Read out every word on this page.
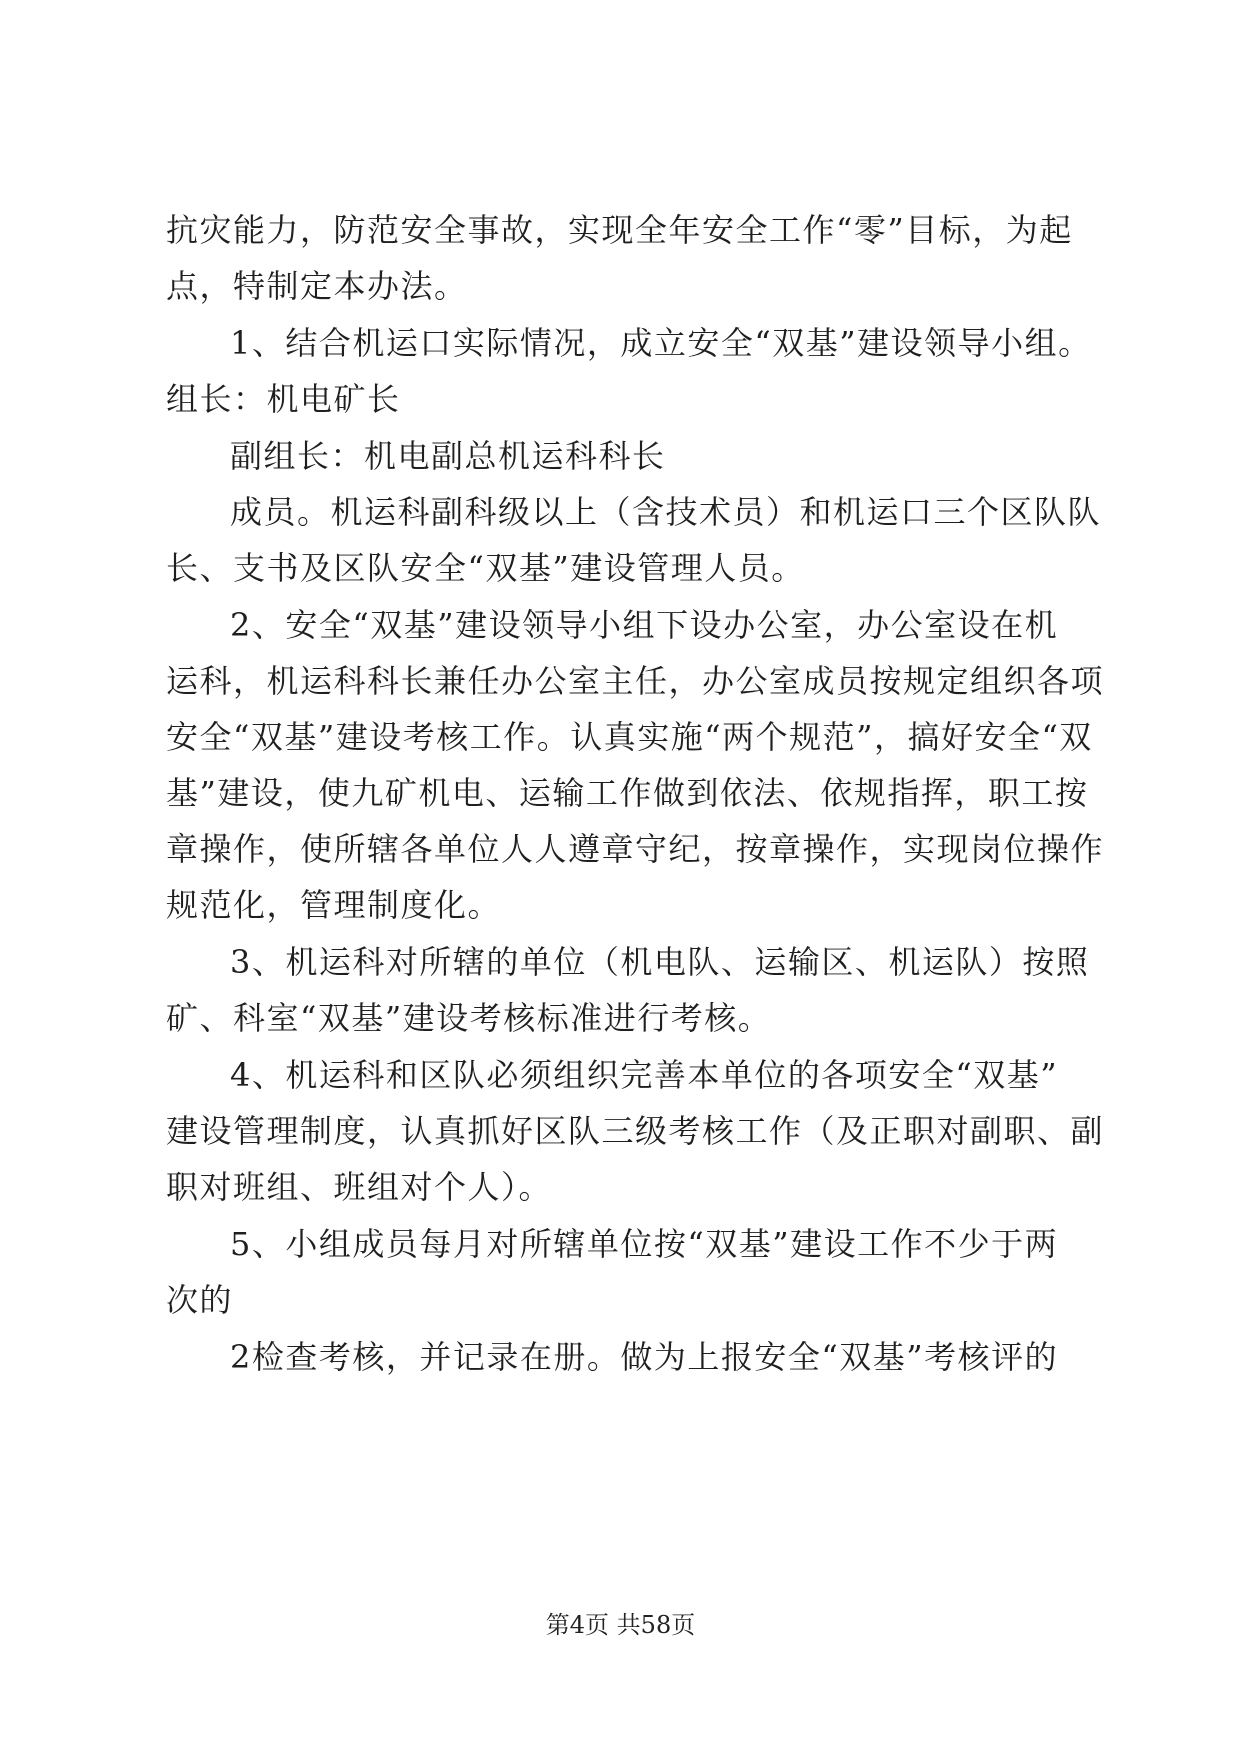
抗灾能力，防范安全事故，实现全年安全工作“零”目标，为起
点，特制定本办法。
1、结合机运口实际情况，成立安全“双基”建设领导小组。
组长：机电矿长
副组长：机电副总机运科科长
成员。机运科副科级以上（含技术员）和机运口三个区队队
长、支书及区队安全“双基”建设管理人员。
2、安全“双基”建设领导小组下设办公室，办公室设在机
运科，机运科科长兼任办公室主任，办公室成员按规定组织各项
安全“双基”建设考核工作。认真实施“两个规范”，搞好安全“双
基”建设，使九矿机电、运输工作做到依法、依规指挥，职工按
章操作，使所辖各单位人人遵章守纪，按章操作，实现岗位操作
规范化，管理制度化。
3、机运科对所辖的单位（机电队、运输区、机运队）按照
矿、科室“双基”建设考核标准进行考核。
4、机运科和区队必须组织完善本单位的各项安全“双基”
建设管理制度，认真抓好区队三级考核工作（及正职对副职、副
职对班组、班组对个人）。
5、小组成员每月对所辖单位按“双基”建设工作不少于两
次的
2检查考核，并记录在册。做为上报安全“双基”考核评的
第4页 共58页
